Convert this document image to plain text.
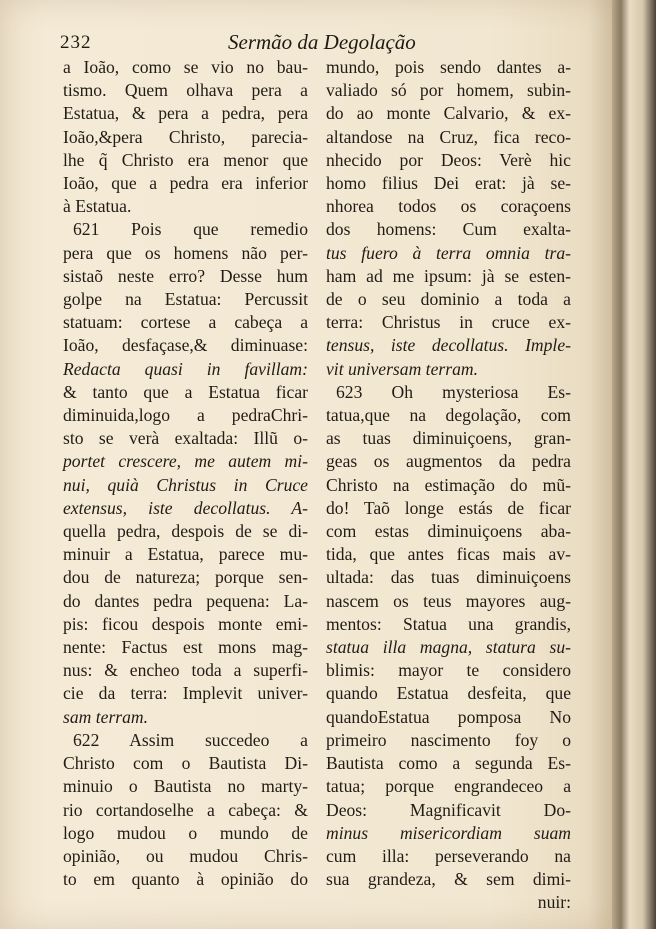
232	Sermão da Degolação
a Ioão, como se vio no bau-
tismo. Quem olhava pera a
Estatua, & pera a pedra, pera
Ioão,&pera Christo, parecia-
lhe q̃ Christo era menor que
Ioão, que a pedra era inferior
à Estatua.
621 Pois que remedio
pera que os homens não per-
sistaõ neste erro? Desse hum
golpe na Estatua: Percussit
statuam: cortese a cabeça a
Ioão, desfaçase,& diminuase:
Redacta quasi in favillam:
& tanto que a Estatua ficar
diminuida,logo a pedraChri-
sto se verà exaltada: Illũ o-
portet crescere, me autem mi-
nui, quià Christus in Cruce
extensus, iste decollatus. A-
quella pedra, despois de se di-
minuir a Estatua, parece mu-
dou de natureza; porque sen-
do dantes pedra pequena: La-
pis: ficou despois monte emi-
nente: Factus est mons mag-
nus: & encheo toda a superfi-
cie da terra: Implevit univer-
sam terram.
622 Assim succedeo a
Christo com o Bautista Di-
minuio o Bautista no marty-
rio cortandoselhe a cabeça: &
logo mudou o mundo de
opinião, ou mudou Chris-
to em quanto à opinião do
mundo, pois sendo dantes a-
valiado só por homem, subin-
do ao monte Calvario, & ex-
altandose na Cruz, fica reco-
nhecido por Deos: Verè hic
homo filius Dei erat: jà se-
nhorea todos os coraçoens
dos homens: Cum exalta-
tus fuero à terra omnia tra-
ham ad me ipsum: jà se esten-
de o seu dominio a toda a
terra: Christus in cruce ex-
tensus, iste decollatus. Imple-
vit universam terram.
623 Oh mysteriosa Es-
tatua,que na degolação, com
as tuas diminuiçoens, gran-
geas os augmentos da pedra
Christo na estimação do mũ-
do! Taõ longe estás de ficar
com estas diminuiçoens aba-
tida, que antes ficas mais av-
ultada: das tuas diminuiçoens
nascem os teus mayores aug-
mentos: Statua una grandis,
statua illa magna, statura su-
blimis: mayor te considero
quando Estatua desfeita, que
quandoEstatua pomposa No
primeiro nascimento foy o
Bautista como a segunda Es-
tatua; porque engrandeceo a
Deos: Magnificavit Do-
minus misericordiam suam
cum illa: perseverando na
sua grandeza, & sem dimi-
nuir:
